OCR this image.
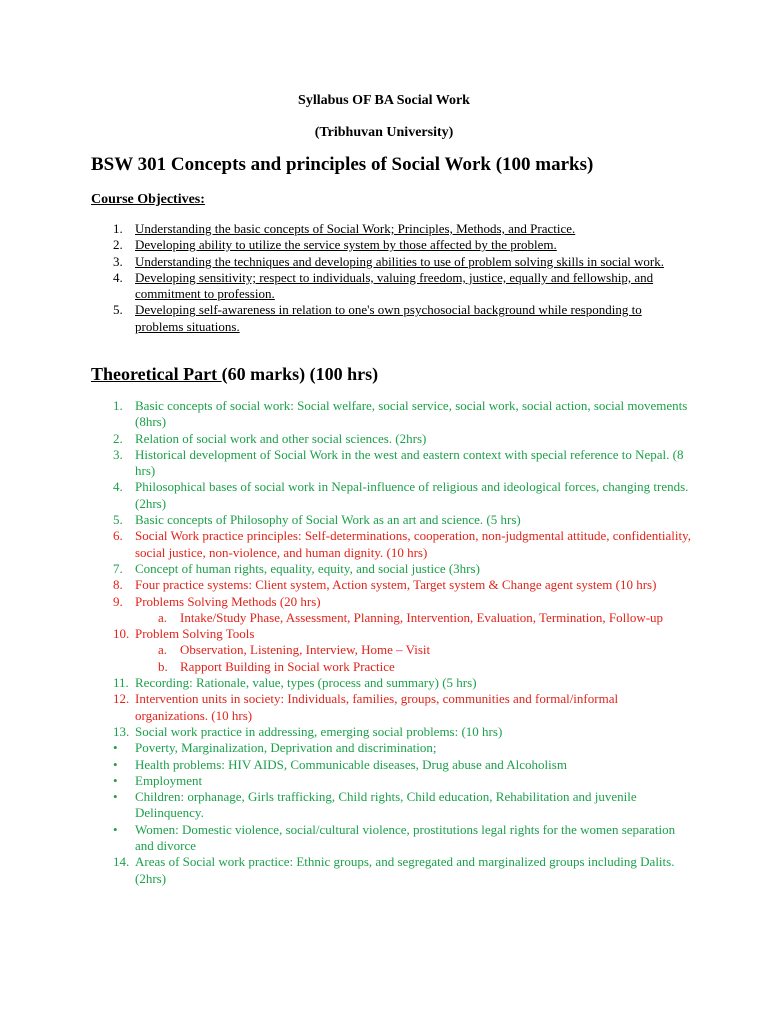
Syllabus OF BA Social Work
(Tribhuvan University)
BSW 301 Concepts and principles of Social Work (100 marks)
Course Objectives:
1. Understanding the basic concepts of Social Work; Principles, Methods, and Practice.
2. Developing ability to utilize the service system by those affected by the problem.
3. Understanding the techniques and developing abilities to use of problem solving skills in social work.
4. Developing sensitivity; respect to individuals, valuing freedom, justice, equally and fellowship, and commitment to profession.
5. Developing self-awareness in relation to one's own psychosocial background while responding to problems situations.
Theoretical Part (60 marks) (100 hrs)
1. Basic concepts of social work: Social welfare, social service, social work, social action, social movements (8hrs)
2. Relation of social work and other social sciences. (2hrs)
3. Historical development of Social Work in the west and eastern context with special reference to Nepal. (8 hrs)
4. Philosophical bases of social work in Nepal-influence of religious and ideological forces, changing trends. (2hrs)
5. Basic concepts of Philosophy of Social Work as an art and science. (5 hrs)
6. Social Work practice principles: Self-determinations, cooperation, non-judgmental attitude, confidentiality, social justice, non-violence, and human dignity. (10 hrs)
7. Concept of human rights, equality, equity, and social justice (3hrs)
8. Four practice systems: Client system, Action system, Target system & Change agent system (10 hrs)
9. Problems Solving Methods (20 hrs)
a. Intake/Study Phase, Assessment, Planning, Intervention, Evaluation, Termination, Follow-up
10. Problem Solving Tools
a. Observation, Listening, Interview, Home – Visit
b. Rapport Building in Social work Practice
11. Recording: Rationale, value, types (process and summary) (5 hrs)
12. Intervention units in society: Individuals, families, groups, communities and formal/informal organizations. (10 hrs)
13. Social work practice in addressing, emerging social problems: (10 hrs)
• Poverty, Marginalization, Deprivation and discrimination;
• Health problems: HIV AIDS, Communicable diseases, Drug abuse and Alcoholism
• Employment
• Children: orphanage, Girls trafficking, Child rights, Child education, Rehabilitation and juvenile Delinquency.
• Women: Domestic violence, social/cultural violence, prostitutions legal rights for the women separation and divorce
14. Areas of Social work practice: Ethnic groups, and segregated and marginalized groups including Dalits. (2hrs)
